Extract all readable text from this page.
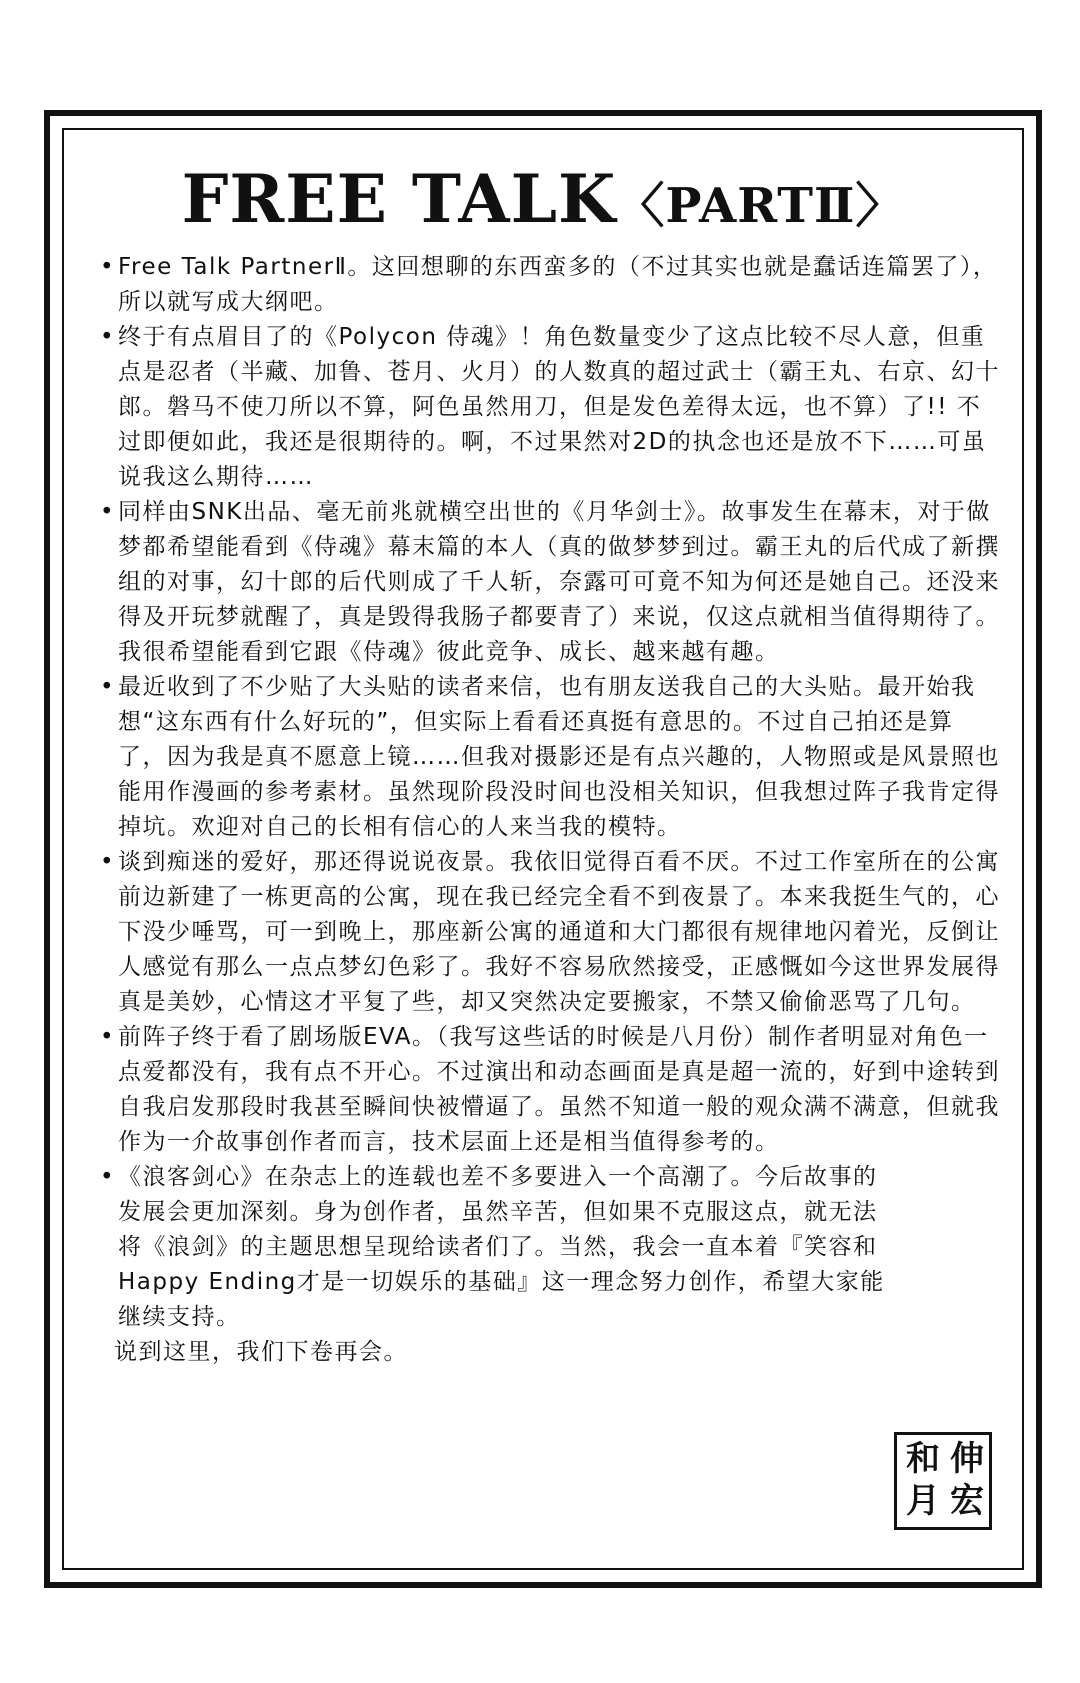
FREE TALK〈PARTⅡ〉
• Free Talk PartnerⅡ。这回想聊的东西蛮多的（不过其实也就是蠢话连篇罢了），所以就写成大纲吧。
• 终于有点眉目了的《Polycon 侍魂》！角色数量变少了这点比较不尽人意，但重点是忍者（半藏、加鲁、苍月、火月）的人数真的超过武士（霸王丸、右京、幻十郎。磐马不使刀所以不算，阿色虽然用刀，但是发色差得太远，也不算）了!! 不过即便如此，我还是很期待的。啊，不过果然对2D的执念也还是放不下……可虽说我这么期待……
• 同样由SNK出品、毫无前兆就横空出世的《月华剑士》。故事发生在幕末，对于做梦都希望能看到《侍魂》幕末篇的本人（真的做梦梦到过。霸王丸的后代成了新撰组的对事，幻十郎的后代则成了千人斩，奈露可可竟不知为何还是她自己。还没来得及开玩梦就醒了，真是毁得我肠子都要青了）来说，仅这点就相当值得期待了。我很希望能看到它跟《侍魂》彼此竞争、成长、越来越有趣。
• 最近收到了不少贴了大头贴的读者来信，也有朋友送我自己的大头贴。最开始我想“这东西有什么好玩的”，但实际上看看还真挺有意思的。不过自己拍还是算了，因为我是真不愿意上镜……但我对摄影还是有点兴趣的，人物照或是风景照也能用作漫画的参考素材。虽然现阶段没时间也没相关知识，但我想过阵子我肯定得掉坑。欢迎对自己的长相有信心的人来当我的模特。
• 谈到痴迷的爱好，那还得说说夜景。我依旧觉得百看不厌。不过工作室所在的公寓前边新建了一栋更高的公寓，现在我已经完全看不到夜景了。本来我挺生气的，心下没少唾骂，可一到晚上，那座新公寓的通道和大门都很有规律地闪着光，反倒让人感觉有那么一点点梦幻色彩了。我好不容易欣然接受，正感慨如今这世界发展得真是美妙，心情这才平复了些，却又突然决定要搬家，不禁又偷偷恶骂了几句。
• 前阵子终于看了剧场版EVA。（我写这些话的时候是八月份）制作者明显对角色一点爱都没有，我有点不开心。不过演出和动态画面是真是超一流的，好到中途转到自我启发那段时我甚至瞬间快被懵逼了。虽然不知道一般的观众满不满意，但就我作为一介故事创作者而言，技术层面上还是相当值得参考的。
• 《浪客剑心》在杂志上的连载也差不多要进入一个高潮了。今后故事的发展会更加深刻。身为创作者，虽然辛苦，但如果不克服这点，就无法将《浪剑》的主题思想呈现给读者们了。当然，我会一直本着『笑容和Happy Ending才是一切娱乐的基础』这一理念努力创作，希望大家能继续支持。
说到这里，我们下卷再会。
伸
宏
和
月
